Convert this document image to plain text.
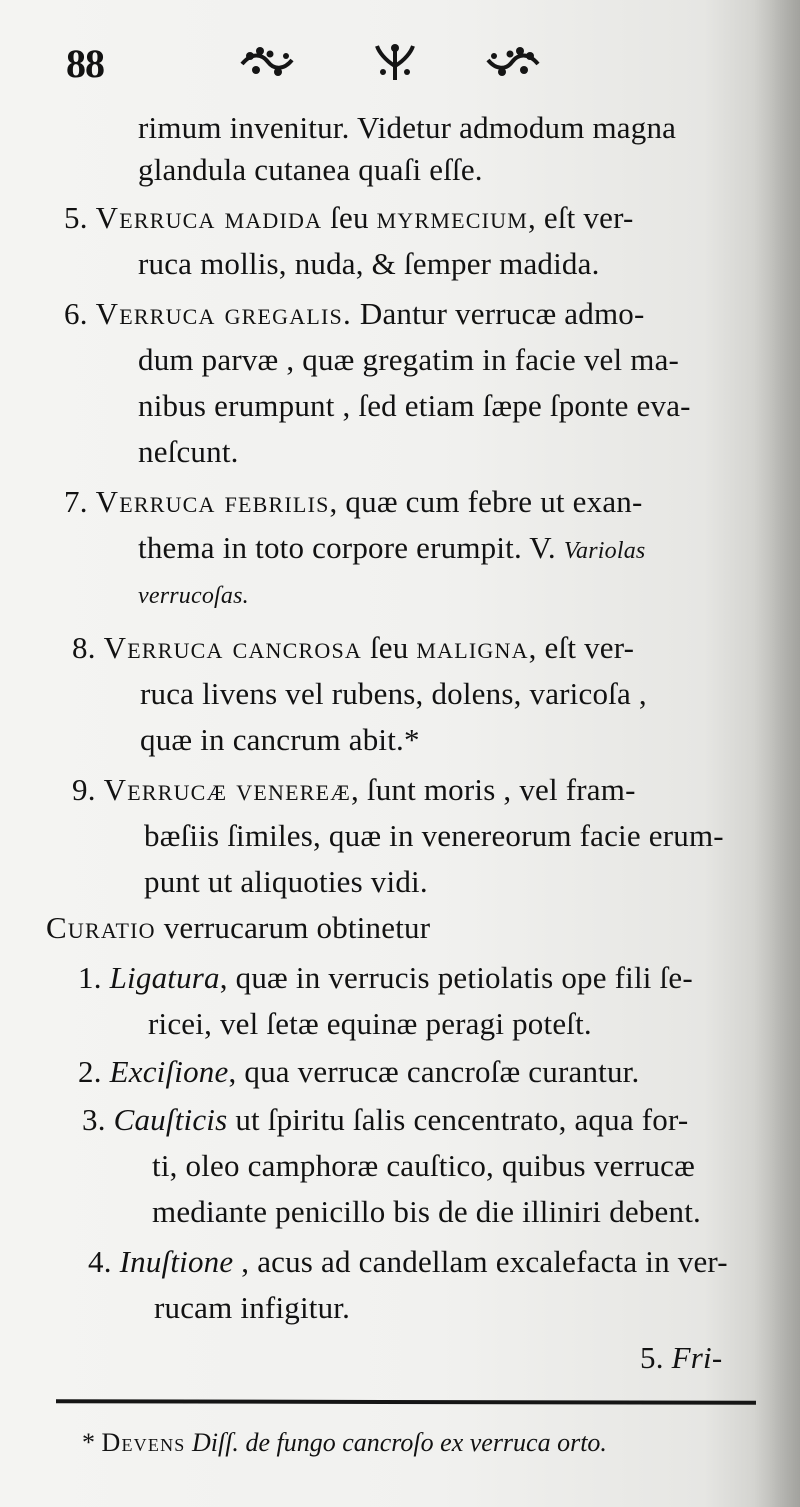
88
rimum invenitur. Videtur admodum magna
glandula cutanea quaſi eſſe.
5. Verruca madida ſeu myrmecium, eſt ver-
ruca mollis, nuda, & ſemper madida.
6. Verruca gregalis. Dantur verrucæ admo-
dum parvæ , quæ gregatim in facie vel ma-
nibus erumpunt , ſed etiam ſæpe ſponte eva-
neſcunt.
7. Verruca febrilis, quæ cum febre ut exan-
thema in toto corpore erumpit. V. Variolas
verrucoſas.
8. Verruca cancrosa ſeu maligna, eſt ver-
ruca livens vel rubens, dolens, varicoſa ,
quæ in cancrum abit.*
9. Verrucæ venereæ, ſunt moris , vel fram-
bæſiis ſimiles, quæ in venereorum facie erum-
punt ut aliquoties vidi.
Curatio verrucarum obtinetur
1. Ligatura, quæ in verrucis petiolatis ope fili ſe-
ricei, vel ſetæ equinæ peragi poteſt.
2. Exciſione, qua verrucæ cancroſæ curantur.
3. Cauſticis ut ſpiritu ſalis cencentrato, aqua for-
ti, oleo camphoræ cauſtico, quibus verrucæ
mediante penicillo bis de die illiniri debent.
4. Inuſtione , acus ad candellam excalefacta in ver-
rucam infigitur.
5. Fri-
* Devens Diſſ. de fungo cancroſo ex verruca orto.
